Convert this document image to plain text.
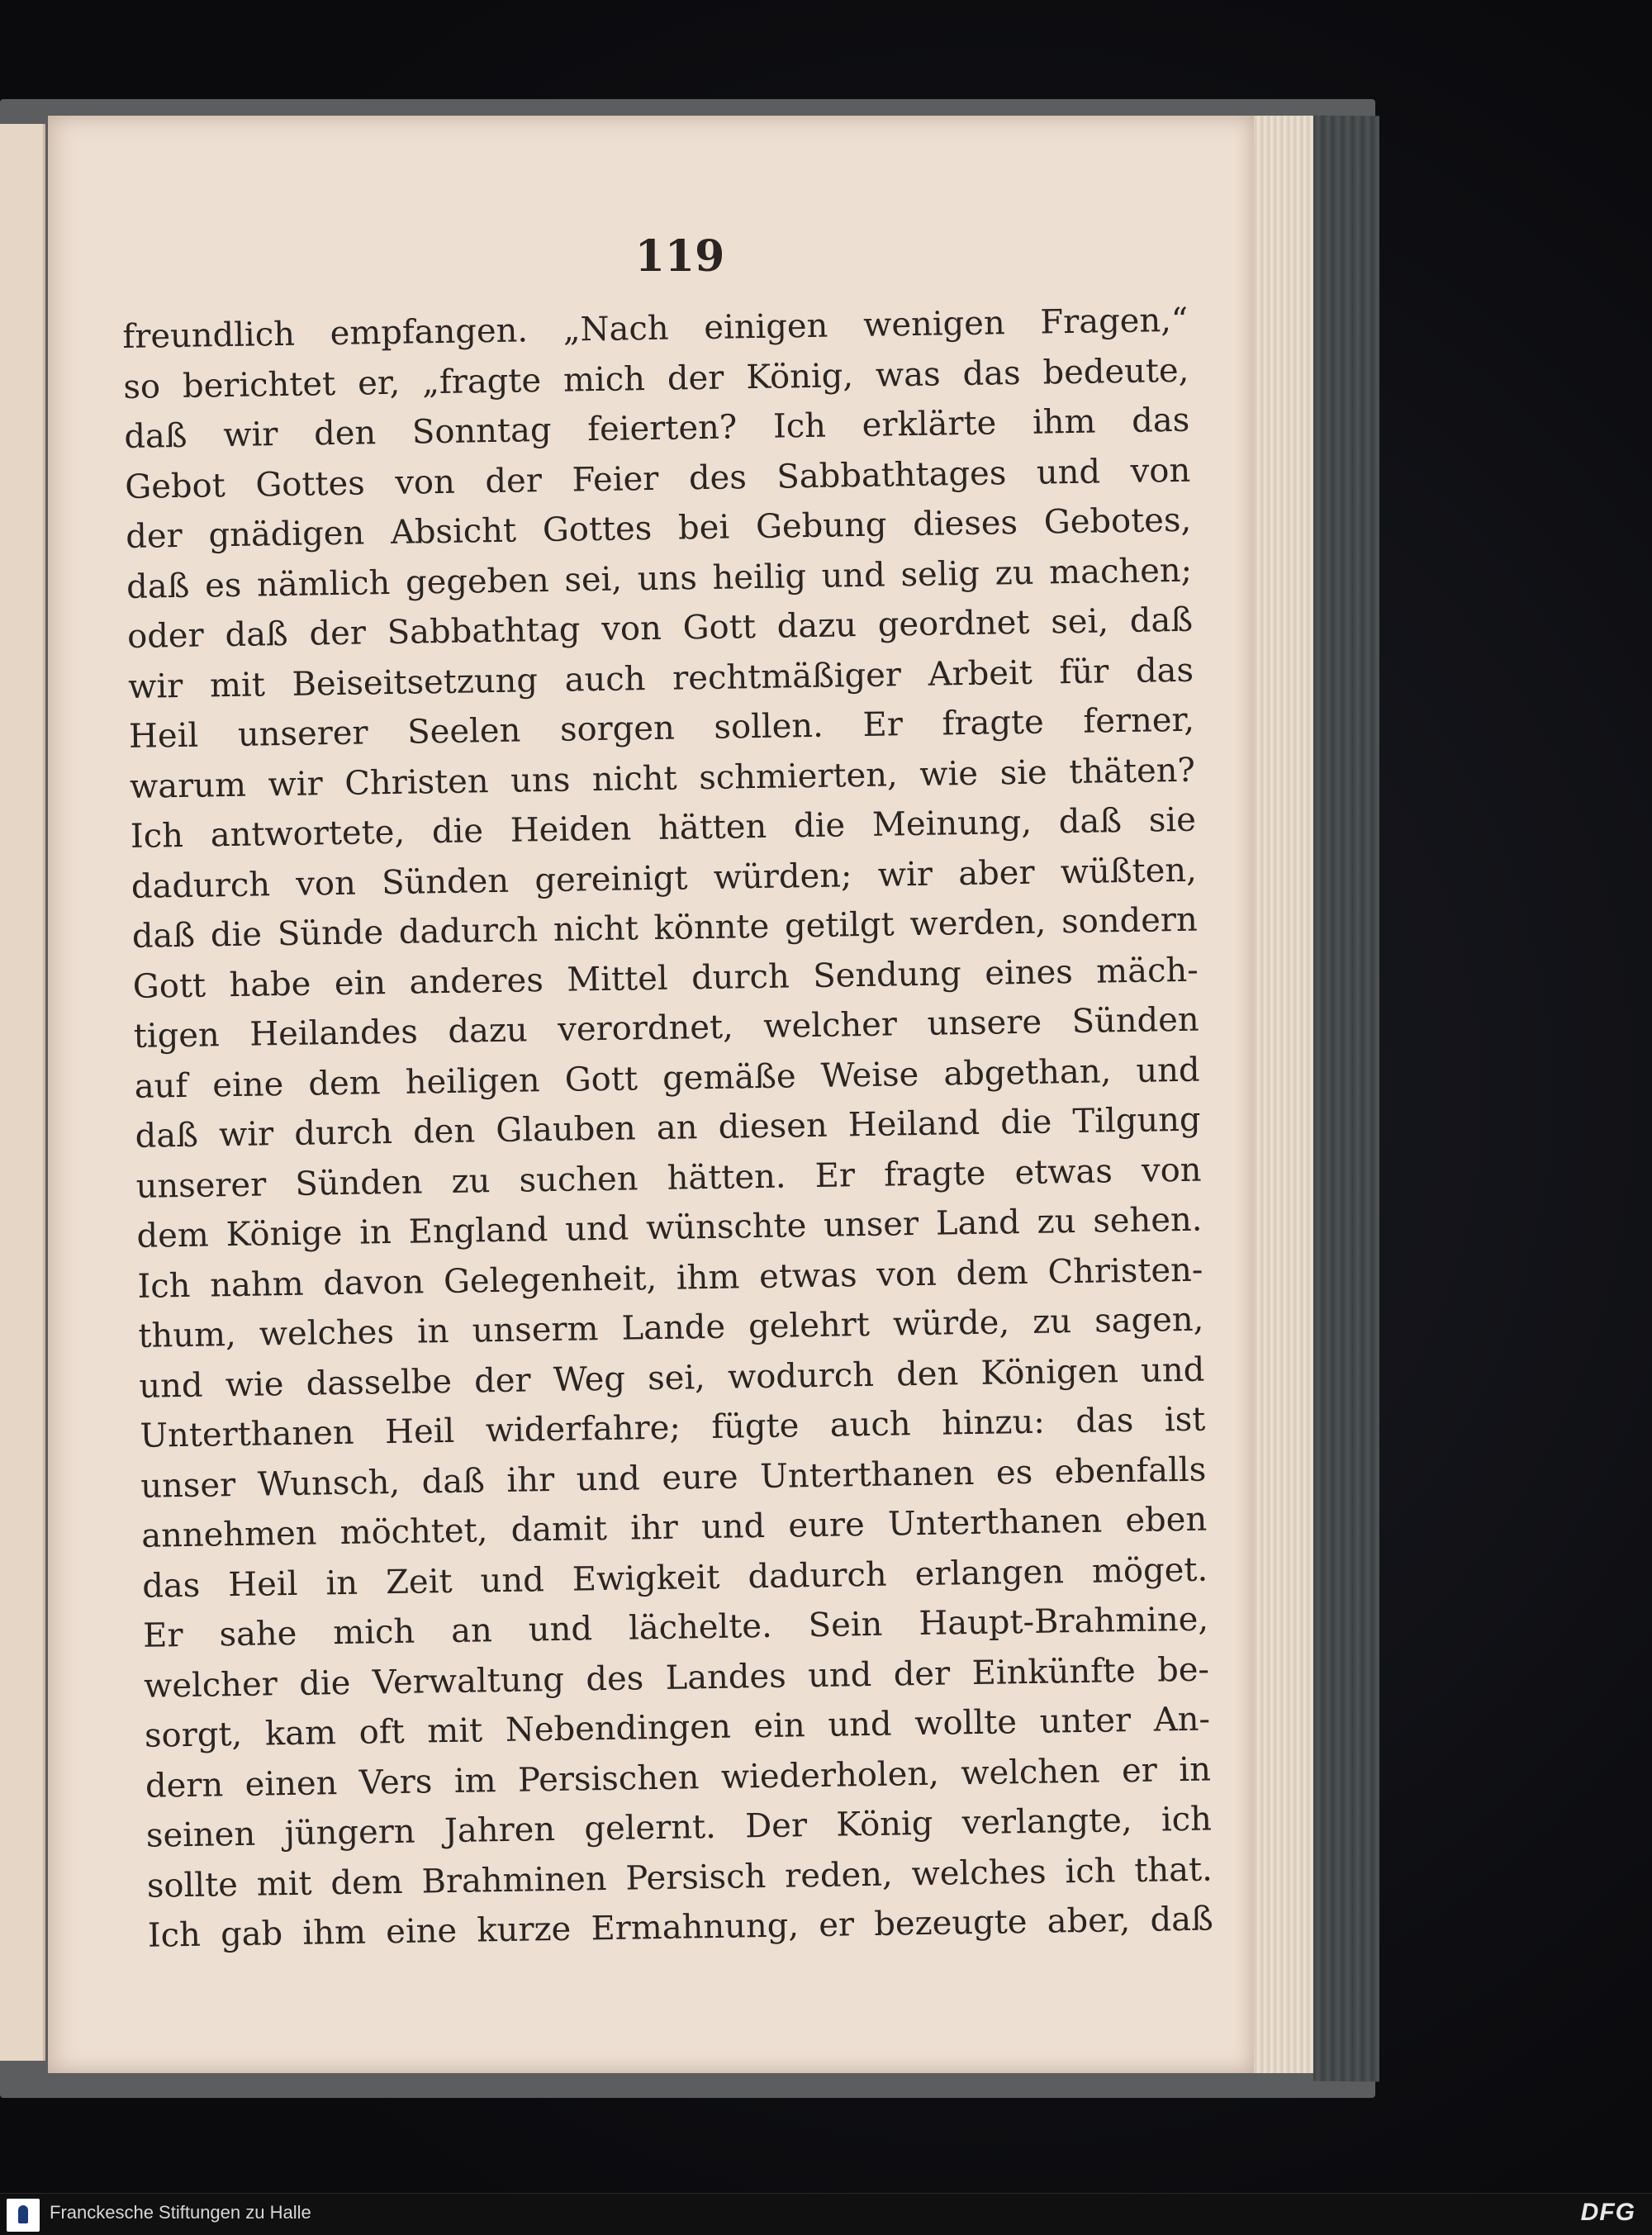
119
freundlich empfangen. „Nach einigen wenigen Fragen,“
so berichtet er, „fragte mich der König, was das bedeute,
daß wir den Sonntag feierten? Ich erklärte ihm das
Gebot Gottes von der Feier des Sabbathtages und von
der gnädigen Absicht Gottes bei Gebung dieses Gebotes,
daß es nämlich gegeben sei, uns heilig und selig zu machen;
oder daß der Sabbathtag von Gott dazu geordnet sei, daß
wir mit Beiseitsetzung auch rechtmäßiger Arbeit für das
Heil unserer Seelen sorgen sollen. Er fragte ferner,
warum wir Christen uns nicht schmierten, wie sie thäten?
Ich antwortete, die Heiden hätten die Meinung, daß sie
dadurch von Sünden gereinigt würden; wir aber wüßten,
daß die Sünde dadurch nicht könnte getilgt werden, sondern
Gott habe ein anderes Mittel durch Sendung eines mäch-
tigen Heilandes dazu verordnet, welcher unsere Sünden
auf eine dem heiligen Gott gemäße Weise abgethan, und
daß wir durch den Glauben an diesen Heiland die Tilgung
unserer Sünden zu suchen hätten. Er fragte etwas von
dem Könige in England und wünschte unser Land zu sehen.
Ich nahm davon Gelegenheit, ihm etwas von dem Christen-
thum, welches in unserm Lande gelehrt würde, zu sagen,
und wie dasselbe der Weg sei, wodurch den Königen und
Unterthanen Heil widerfahre; fügte auch hinzu: das ist
unser Wunsch, daß ihr und eure Unterthanen es ebenfalls
annehmen möchtet, damit ihr und eure Unterthanen eben
das Heil in Zeit und Ewigkeit dadurch erlangen möget.
Er sahe mich an und lächelte. Sein Haupt-Brahmine,
welcher die Verwaltung des Landes und der Einkünfte be-
sorgt, kam oft mit Nebendingen ein und wollte unter An-
dern einen Vers im Persischen wiederholen, welchen er in
seinen jüngern Jahren gelernt. Der König verlangte, ich
sollte mit dem Brahminen Persisch reden, welches ich that.
Ich gab ihm eine kurze Ermahnung, er bezeugte aber, daß
Franckesche Stiftungen zu Halle	DFG
